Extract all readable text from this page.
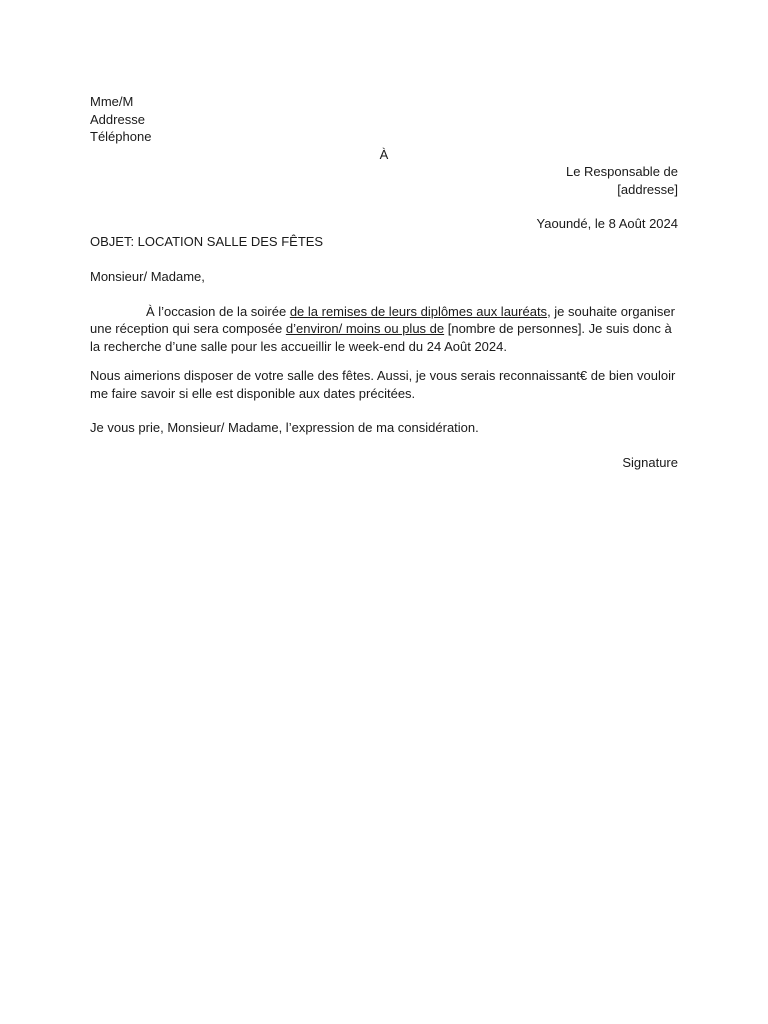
Mme/M
Addresse
Téléphone
À
Le Responsable de
[addresse]
Yaoundé, le 8 Août 2024
OBJET: LOCATION SALLE DES FÊTES
Monsieur/ Madame,
À l’occasion de la soirée de la remises de leurs diplômes aux lauréats, je souhaite organiser une réception qui sera composée d’environ/ moins ou plus de [nombre de personnes]. Je suis donc à la recherche d’une salle pour les accueillir le week-end du 24 Août 2024.
Nous aimerions disposer de votre salle des fêtes. Aussi, je vous serais reconnaissant€ de bien vouloir me faire savoir si elle est disponible aux dates précitées.
Je vous prie, Monsieur/ Madame, l’expression de ma considération.
Signature
